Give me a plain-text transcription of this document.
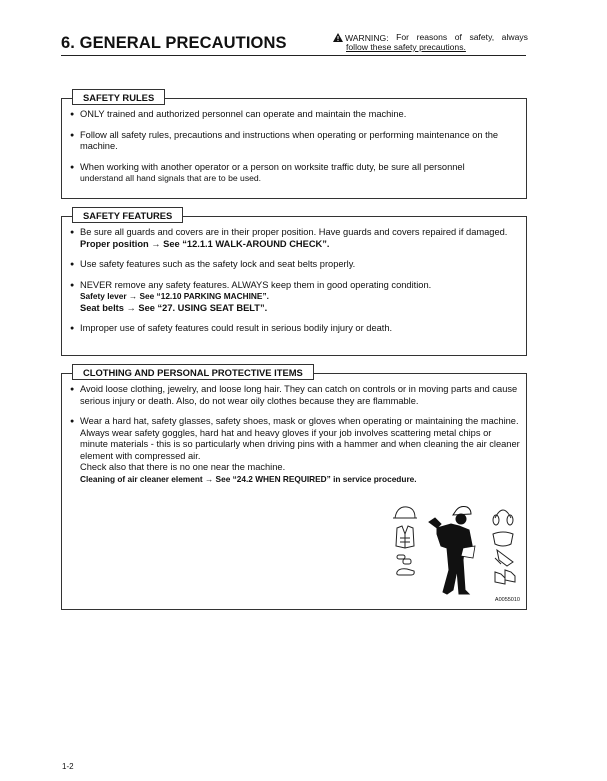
6. GENERAL PRECAUTIONS	WARNING: For reasons of safety, always
follow these safety precautions.
SAFETY RULES
● ONLY trained and authorized personnel can operate and maintain the machine.
● Follow all safety rules, precautions and instructions when operating or performing maintenance on the machine.
● When working with another operator or a person on worksite traffic duty, be sure all personnel
understand all hand signals that are to be used.
SAFETY FEATURES
● Be sure all guards and covers are in their proper position. Have guards and covers repaired if damaged.
Proper position → See “12.1.1 WALK-AROUND CHECK”.
● Use safety features such as the safety lock and seat belts properly.
● NEVER remove any safety features. ALWAYS keep them in good operating condition.
Safety lever → See “12.10 PARKING MACHINE”.
Seat belts → See “27. USING SEAT BELT”.
● Improper use of safety features could result in serious bodily injury or death.
CLOTHING AND PERSONAL PROTECTIVE ITEMS
● Avoid loose clothing, jewelry, and loose long hair. They can catch on controls or in moving parts and cause serious injury or death. Also, do not wear oily clothes because they are flammable.
● Wear a hard hat, safety glasses, safety shoes, mask or gloves when operating or maintaining the machine. Always wear safety goggles, hard hat and heavy gloves if your job involves scattering metal chips or minute materials - this is so particularly when driving pins with a hammer and when cleaning the air cleaner element with compressed air.
Check also that there is no one near the machine.
Cleaning of air cleaner element → See “24.2 WHEN REQUIRED” in service procedure.
A0055010
1-2
